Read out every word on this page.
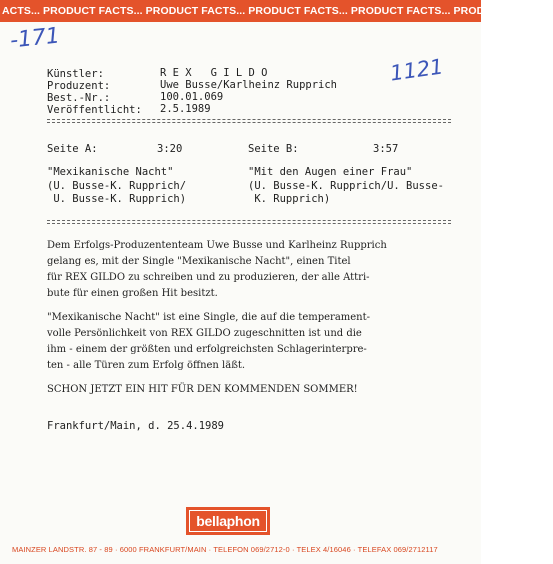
ACTS... PRODUCT FACTS... PRODUCT FACTS... PRODUCT FACTS... PRODUCT FACTS... PRODUCT FACTS...
-171
1121
Künstler:	R E X   G I L D O
Produzent:	Uwe Busse/Karlheinz Rupprich
Best.-Nr.:	100.01.069
Veröffentlicht: 2.5.1989
Seite A:	3:20
"Mexikanische Nacht"
(U. Busse-K. Rupprich/
U. Busse-K. Rupprich)
Seite B:	3:57
"Mit den Augen einer Frau"
(U. Busse-K. Rupprich/U. Busse-
K. Rupprich)
Dem Erfolgs-Produzententeam Uwe Busse und Karlheinz Rupprich
gelang es, mit der Single "Mexikanische Nacht", einen Titel
für REX GILDO zu schreiben und zu produzieren, der alle Attri-
bute für einen großen Hit besitzt.
"Mexikanische Nacht" ist eine Single, die auf die temperament-
volle Persönlichkeit von REX GILDO zugeschnitten ist und die
ihm - einem der größten und erfolgreichsten Schlagerinterpre-
ten - alle Türen zum Erfolg öffnen läßt.
SCHON JETZT EIN HIT FÜR DEN KOMMENDEN SOMMER!
Frankfurt/Main, d. 25.4.1989
bellaphon
MAINZER LANDSTR. 87 - 89 · 6000 FRANKFURT/MAIN · TELEFON 069/2712-0 · TELEX 4/16046 · TELEFAX 069/2712117
